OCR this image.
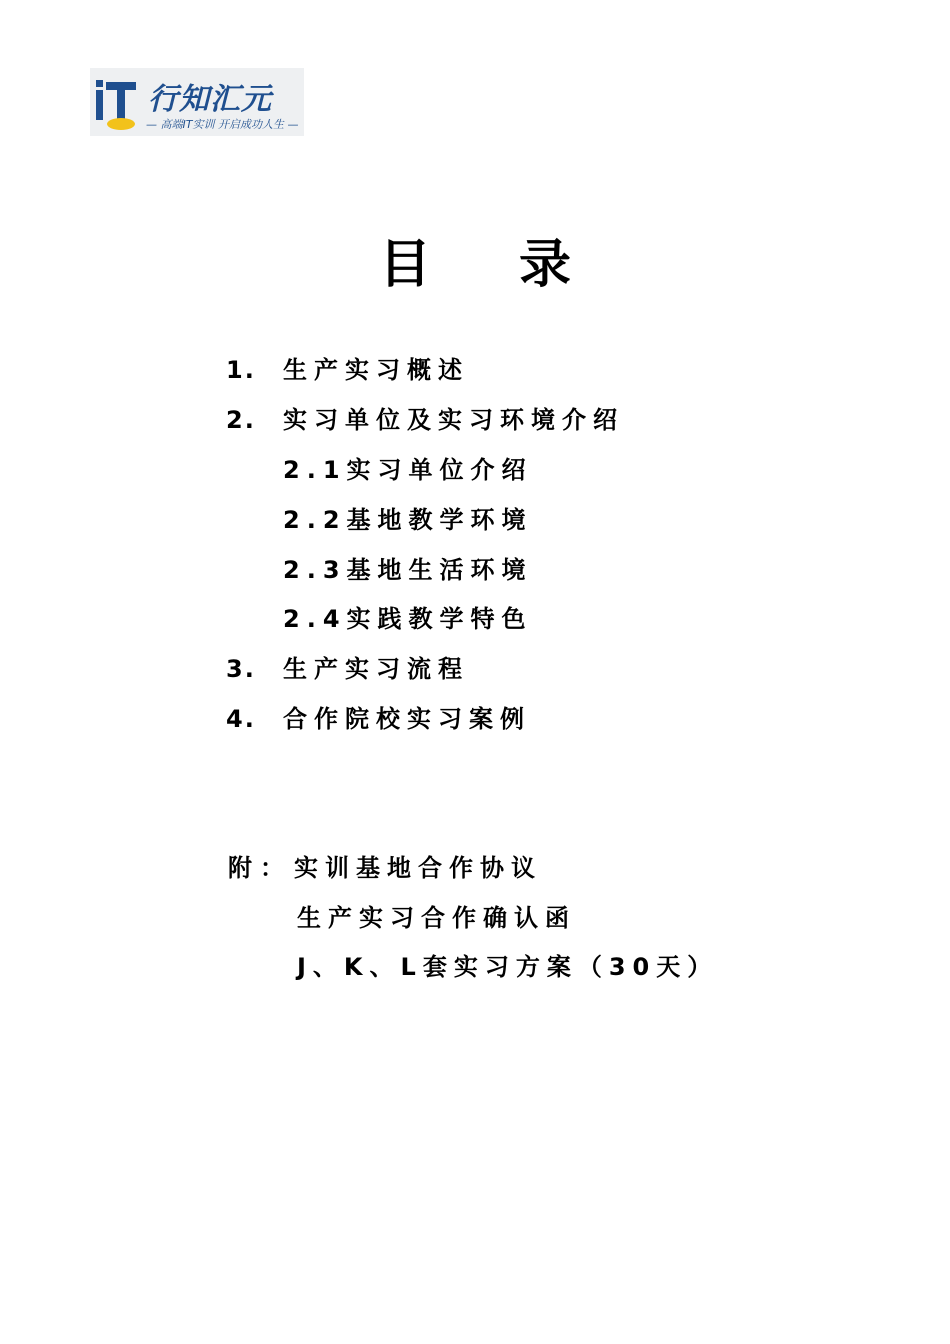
行知汇元
— 高端IT实训 开启成功人生 —
目 录
1. 生产实习概述
2. 实习单位及实习环境介绍
2.1实习单位介绍
2.2基地教学环境
2.3基地生活环境
2.4实践教学特色
3. 生产实习流程
4. 合作院校实习案例
附：实训基地合作协议
生产实习合作确认函
J、K、L套实习方案（30天）
